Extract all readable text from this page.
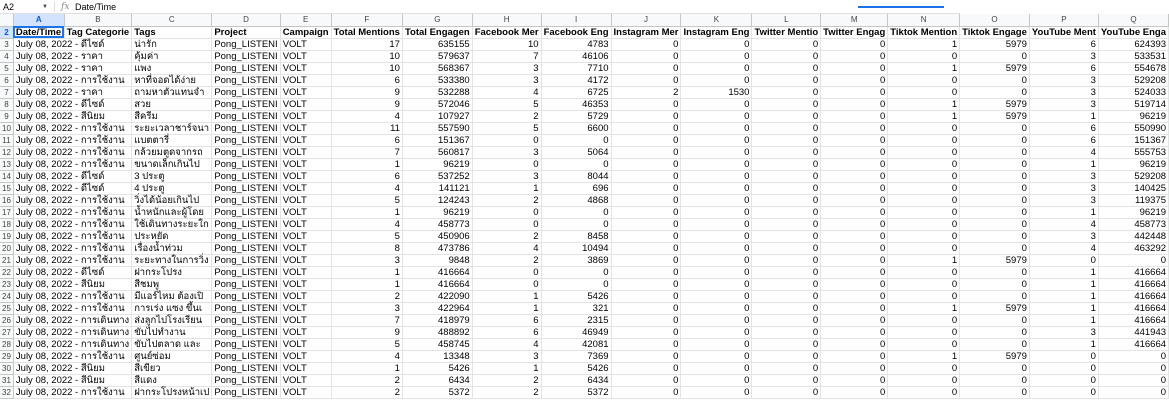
A2	▼ fx Date/Time
	A	B	C	D	E	F	G	H	I	J	K	L	M	N	O	P	Q
2	Date/Time	Tag Categorie	Tags	Project	Campaign	Total Mentions	Total Engagen	Facebook Mer	Facebook Eng	Instagram Mer	Instagram Eng	Twitter Mentio	Twitter Engag	Tiktok Mention	Tiktok Engage	YouTube Ment	YouTube Enga
3	July 08, 2022 - ดีไซด์		น่ารัก	Pong_LISTENI	VOLT	17	635155	10	4783	0	0	0	0	1	5979	6	624393
4	July 08, 2022 - ราคา		คุ้มค่า	Pong_LISTENI	VOLT	10	579637	7	46106	0	0	0	0	0	0	3	533531
5	July 08, 2022 - ราคา		แพง	Pong_LISTENI	VOLT	10	568367	3	7710	0	0	0	0	1	5979	6	554678
6	July 08, 2022 - การใช้งาน		หาที่จอดได้ง่าย	Pong_LISTENI	VOLT	6	533380	3	4172	0	0	0	0	0	0	3	529208
7	July 08, 2022 - ราคา		ถามหาตัวแทนจำ	Pong_LISTENI	VOLT	9	532288	4	6725	2	1530	0	0	0	0	3	524033
8	July 08, 2022 - ดีไซด์		สวย	Pong_LISTENI	VOLT	9	572046	5	46353	0	0	0	0	1	5979	3	519714
9	July 08, 2022 - สีนิยม		สีครีม	Pong_LISTENI	VOLT	4	107927	2	5729	0	0	0	0	1	5979	1	96219
10	July 08, 2022 - การใช้งาน		ระยะเวลาชาร์จนา	Pong_LISTENI	VOLT	11	557590	5	6600	0	0	0	0	0	0	6	550990
11	July 08, 2022 - การใช้งาน		แบตตารี่	Pong_LISTENI	VOLT	6	151367	0	0	0	0	0	0	0	0	6	151367
12	July 08, 2022 - การใช้งาน		กล้วยมตูดจากรถ	Pong_LISTENI	VOLT	7	560817	3	5064	0	0	0	0	0	0	4	555753
13	July 08, 2022 - การใช้งาน		ขนาดเล็กเกินไป	Pong_LISTENI	VOLT	1	96219	0	0	0	0	0	0	0	0	1	96219
14	July 08, 2022 - ดีไซด์		3 ประตู	Pong_LISTENI	VOLT	6	537252	3	8044	0	0	0	0	0	0	3	529208
15	July 08, 2022 - ดีไซด์		4 ประตู	Pong_LISTENI	VOLT	4	141121	1	696	0	0	0	0	0	0	3	140425
16	July 08, 2022 - การใช้งาน		วิ่งได้น้อยเกินไป	Pong_LISTENI	VOLT	5	124243	2	4868	0	0	0	0	0	0	3	119375
17	July 08, 2022 - การใช้งาน		น้ำหนักและผู้โดย	Pong_LISTENI	VOLT	1	96219	0	0	0	0	0	0	0	0	1	96219
18	July 08, 2022 - การใช้งาน		ใช้เดินทางระยะใก	Pong_LISTENI	VOLT	4	458773	0	0	0	0	0	0	0	0	4	458773
19	July 08, 2022 - การใช้งาน		ประหยัด	Pong_LISTENI	VOLT	5	450906	2	8458	0	0	0	0	0	0	3	442448
20	July 08, 2022 - การใช้งาน		เรื่องน้ำท่วม	Pong_LISTENI	VOLT	8	473786	4	10494	0	0	0	0	0	0	4	463292
21	July 08, 2022 - การใช้งาน		ระยะทางในการวิ่ง	Pong_LISTENI	VOLT	3	9848	2	3869	0	0	0	0	1	5979	0	0
22	July 08, 2022 - ดีไซด์		ฝากระโปรง	Pong_LISTENI	VOLT	1	416664	0	0	0	0	0	0	0	0	1	416664
23	July 08, 2022 - สีนิยม		สีชมพู	Pong_LISTENI	VOLT	1	416664	0	0	0	0	0	0	0	0	1	416664
24	July 08, 2022 - การใช้งาน		มีแอร์ไหม ต้องเปิ	Pong_LISTENI	VOLT	2	422090	1	5426	0	0	0	0	0	0	1	416664
25	July 08, 2022 - การใช้งาน		การเร่ง แซง ขึ้นเ	Pong_LISTENI	VOLT	3	422964	1	321	0	0	0	0	1	5979	1	416664
26	July 08, 2022 - การเดินทาง		ส่งลูกไปโรงเรียน	Pong_LISTENI	VOLT	7	418979	6	2315	0	0	0	0	0	0	1	416664
27	July 08, 2022 - การเดินทาง		ขับไปทำงาน	Pong_LISTENI	VOLT	9	488892	6	46949	0	0	0	0	0	0	3	441943
28	July 08, 2022 - การเดินทาง		ขับไปตลาด และ	Pong_LISTENI	VOLT	5	458745	4	42081	0	0	0	0	0	0	1	416664
29	July 08, 2022 - การใช้งาน		ศูนย์ซ่อม	Pong_LISTENI	VOLT	4	13348	3	7369	0	0	0	0	1	5979	0	0
30	July 08, 2022 - สีนิยม		สีเขียว	Pong_LISTENI	VOLT	1	5426	1	5426	0	0	0	0	0	0	0	0
31	July 08, 2022 - สีนิยม		สีแดง	Pong_LISTENI	VOLT	2	6434	2	6434	0	0	0	0	0	0	0	0
32	July 08, 2022 - การใช้งาน		ฝากระโปรงหน้าเป	Pong_LISTENI	VOLT	2	5372	2	5372	0	0	0	0	0	0	0	0
